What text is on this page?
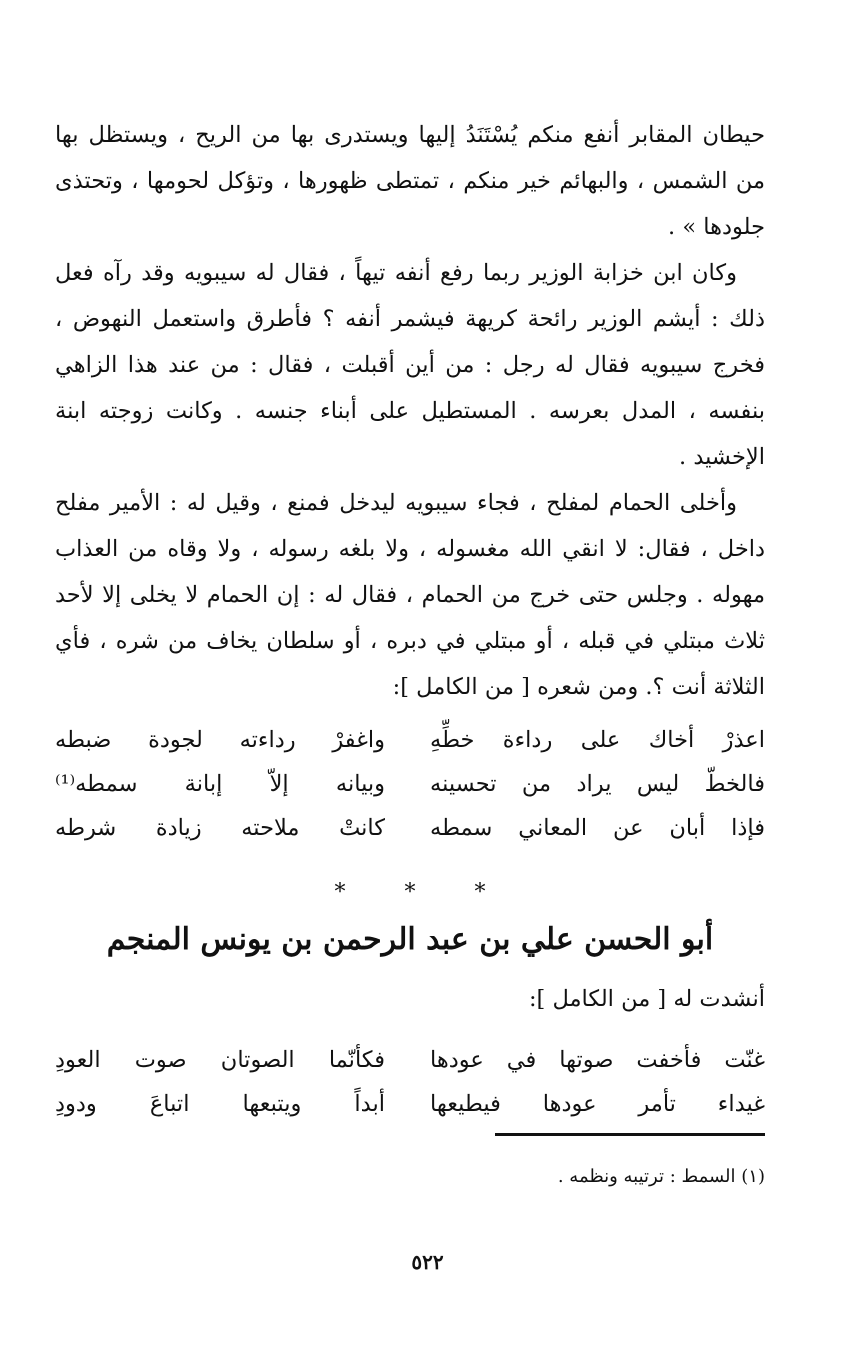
حيطان المقابر أنفع منكم يُسْتَنَدُ إليها ويستدرى بها من الريح ، ويستظل بها من الشمس ، والبهائم خير منكم ، تمتطى ظهورها ، وتؤكل لحومها ، وتحتذى جلودها » .

وكان ابن خزابة الوزير ربما رفع أنفه تيهاً ، فقال له سيبويه وقد رآه فعل ذلك : أيشم الوزير رائحة كريهة فيشمر أنفه ؟ فأطرق واستعمل النهوض ، فخرج سيبويه فقال له رجل : من أين أقبلت ، فقال : من عند هذا الزاهي بنفسه ، المدل بعرسه . المستطيل على أبناء جنسه . وكانت زوجته ابنة الإخشيد .

وأخلى الحمام لمفلح ، فجاء سيبويه ليدخل فمنع ، وقيل له : الأمير مفلح داخل ، فقال: لا انقي الله مغسوله ، ولا بلغه رسوله ، ولا وقاه من العذاب مهوله . وجلس حتى خرج من الحمام ، فقال له : إن الحمام لا يخلى إلا لأحد ثلاث مبتلي في قبله ، أو مبتلي في دبره ، أو سلطان يخاف من شره ، فأي الثلاثة أنت ؟. ومن شعره [ من الكامل ]:

اعذرْ أخاك على رداءة خطِّهِ
واغفرْ رداءته لجودة ضبطه
فالخطّ ليس يراد من تحسينه
وبيانه إلاّ إبانة سمطه⁽¹⁾
فإذا أبان عن المعاني سمطه
كانتْ ملاحته زيادة شرطه
* * *
أبو الحسن علي بن عبد الرحمن بن يونس المنجم
أنشدت له [ من الكامل ]:
غنّت فأخفت صوتها في عودها
فكأنّما الصوتان صوت العودِ
غيداء تأمر عودها فيطيعها
أبداً ويتبعها اتباعَ ودودِ
(١) السمط : ترتيبه ونظمه .
٥٢٢
